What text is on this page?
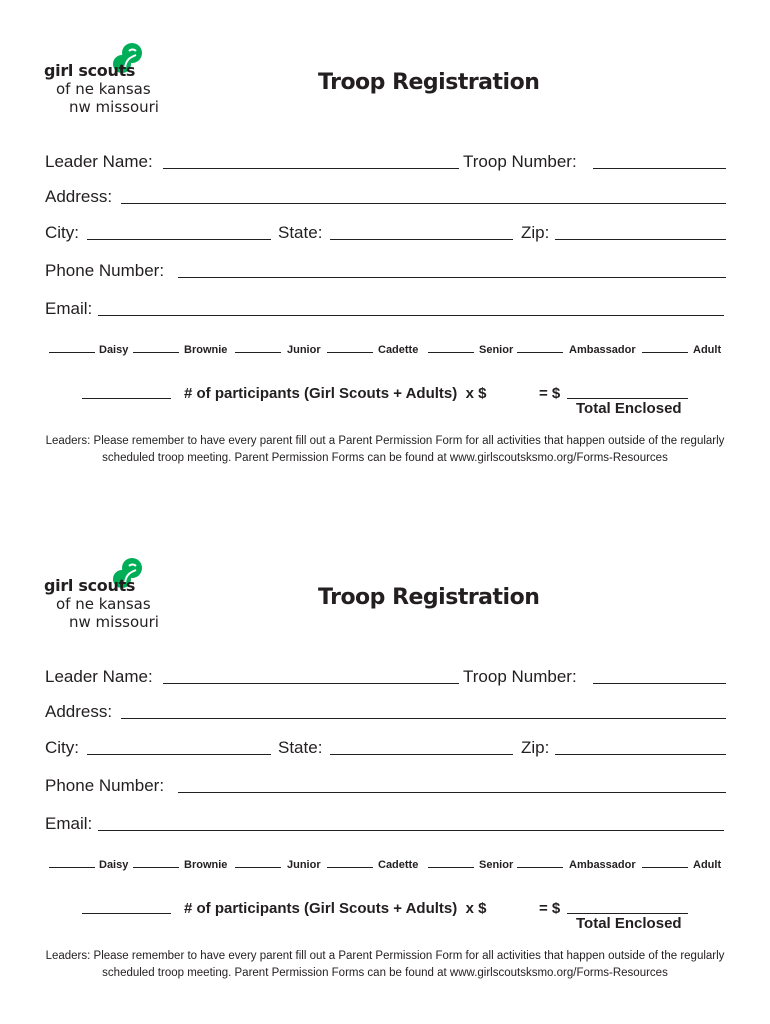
girl scouts
of ne kansas
nw missouri
Troop Registration
Leader Name:	Troop Number:
Address:
City:	State:	Zip:
Phone Number:
Email:
Daisy	Brownie	Junior	Cadette	Senior	Ambassador	Adult
# of participants (Girl Scouts + Adults)  x $	= $
Total Enclosed
Leaders: Please remember to have every parent fill out a Parent Permission Form for all activities that happen outside of the regularly scheduled troop meeting. Parent Permission Forms can be found at www.girlscoutsksmo.org/Forms-Resources
girl scouts
of ne kansas
nw missouri
Troop Registration
Leader Name:	Troop Number:
Address:
City:	State:	Zip:
Phone Number:
Email:
Daisy	Brownie	Junior	Cadette	Senior	Ambassador	Adult
# of participants (Girl Scouts + Adults)  x $	= $
Total Enclosed
Leaders: Please remember to have every parent fill out a Parent Permission Form for all activities that happen outside of the regularly scheduled troop meeting. Parent Permission Forms can be found at www.girlscoutsksmo.org/Forms-Resources
